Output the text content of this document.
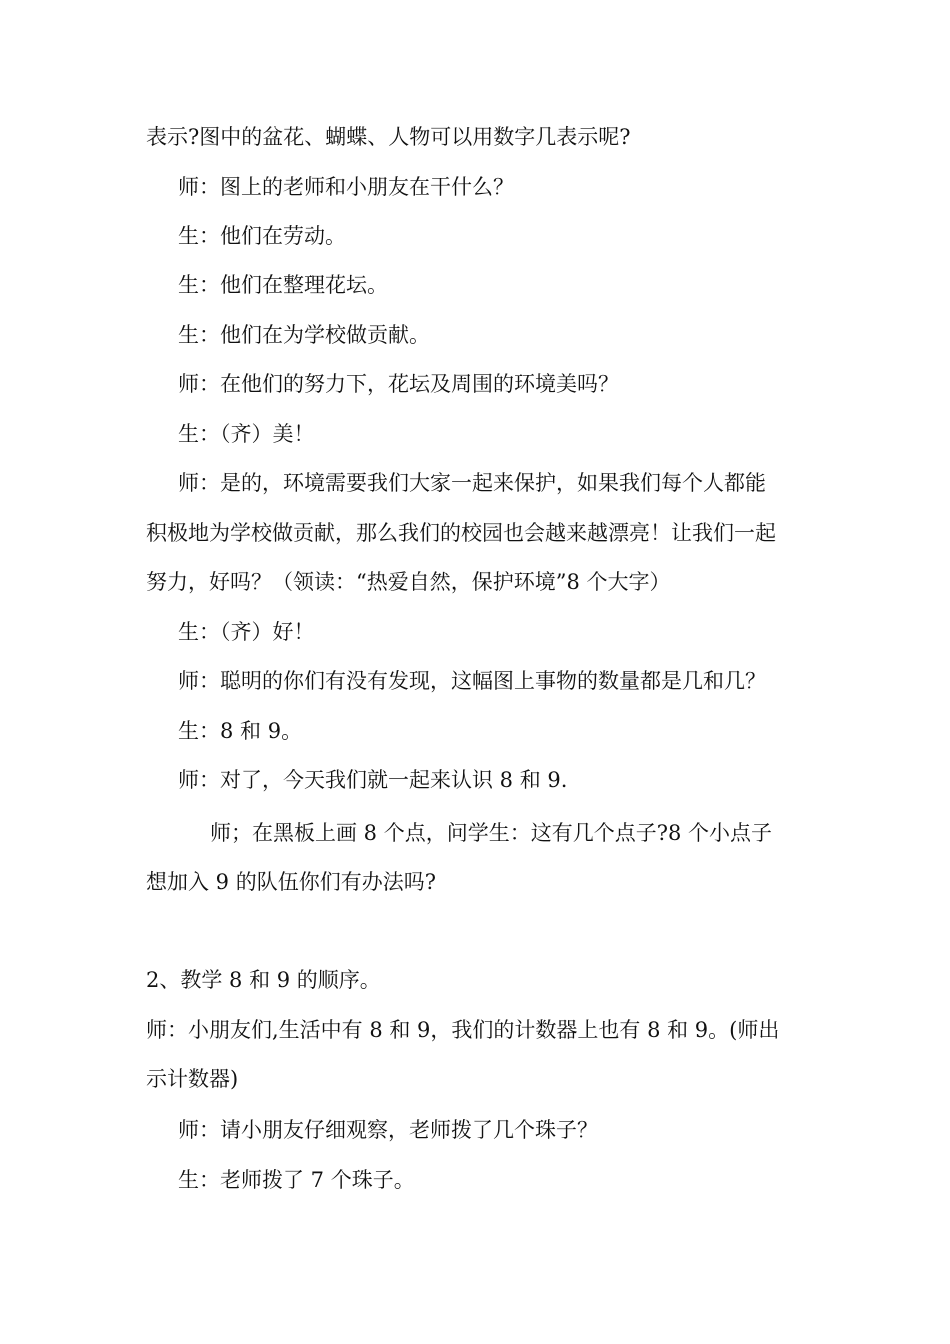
表示?图中的盆花、蝴蝶、人物可以用数字几表示呢?
师：图上的老师和小朋友在干什么？
生：他们在劳动。
生：他们在整理花坛。
生：他们在为学校做贡献。
师：在他们的努力下，花坛及周围的环境美吗？
生：（齐）美！
师：是的，环境需要我们大家一起来保护，如果我们每个人都能
积极地为学校做贡献，那么我们的校园也会越来越漂亮！让我们一起
努力，好吗？（领读：“热爱自然，保护环境”8 个大字）
生：（齐）好！
师：聪明的你们有没有发现，这幅图上事物的数量都是几和几？
生：8 和 9。
师：对了，今天我们就一起来认识 8 和 9.
师；在黑板上画 8 个点，问学生：这有几个点子?8 个小点子
想加入 9 的队伍你们有办法吗?
2、教学 8 和 9 的顺序。
师：小朋友们,生活中有 8 和 9，我们的计数器上也有 8 和 9。(师出
示计数器)
师：请小朋友仔细观察，老师拨了几个珠子？
生：老师拨了 7 个珠子。
